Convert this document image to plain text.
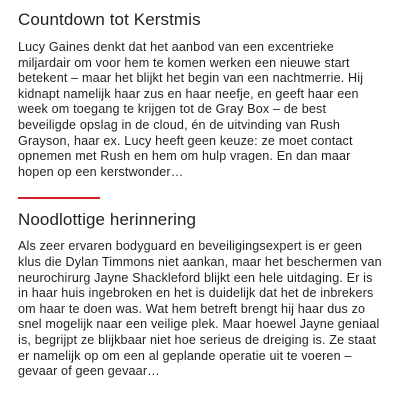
Countdown tot Kerstmis

Lucy Gaines denkt dat het aanbod van een excentrieke miljardair om voor hem te komen werken een nieuwe start betekent – maar het blijkt het begin van een nachtmerrie. Hij kidnapt namelijk haar zus en haar neefje, en geeft haar een week om toegang te krijgen tot de Gray Box – de best beveiligde opslag in de cloud, én de uitvinding van Rush Grayson, haar ex. Lucy heeft geen keuze: ze moet contact opnemen met Rush en hem om hulp vragen. En dan maar hopen op een kerstwonder…

Noodlottige herinnering

Als zeer ervaren bodyguard en beveiligingsexpert is er geen klus die Dylan Timmons niet aankan, maar het beschermen van neurochirurg Jayne Shackleford blijkt een hele uitdaging. Er is in haar huis ingebroken en het is duidelijk dat het de inbrekers om haar te doen was. Wat hem betreft brengt hij haar dus zo snel mogelijk naar een veilige plek. Maar hoewel Jayne geniaal is, begrijpt ze blijkbaar niet hoe serieus de dreiging is. Ze staat er namelijk op om een al geplande operatie uit te voeren – gevaar of geen gevaar…
